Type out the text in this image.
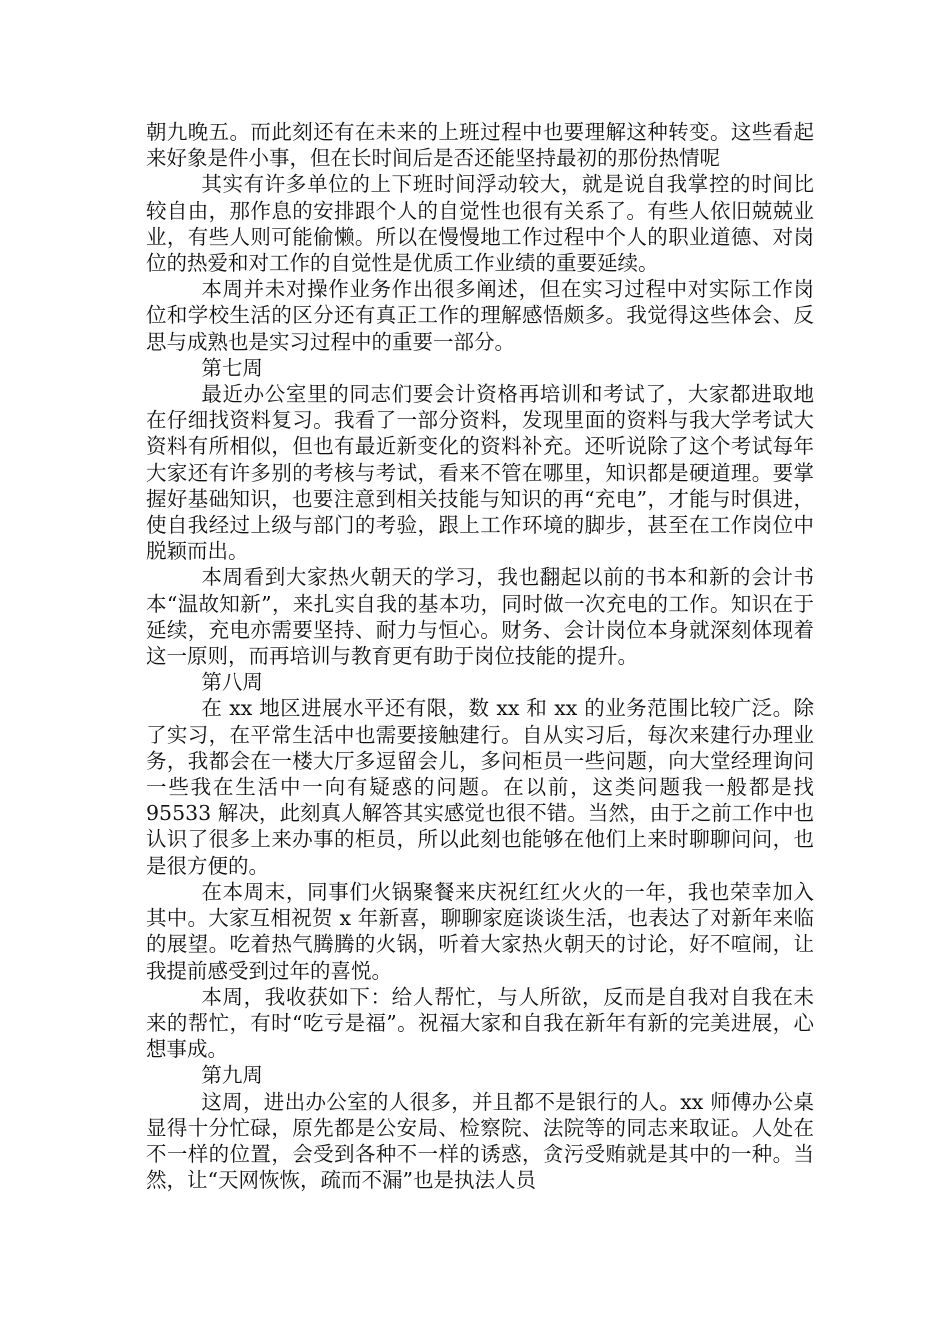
朝九晚五。而此刻还有在未来的上班过程中也要理解这种转变。这些看起来好象是件小事，但在长时间后是否还能坚持最初的那份热情呢

其实有许多单位的上下班时间浮动较大，就是说自我掌控的时间比较自由，那作息的安排跟个人的自觉性也很有关系了。有些人依旧兢兢业业，有些人则可能偷懒。所以在慢慢地工作过程中个人的职业道德、对岗位的热爱和对工作的自觉性是优质工作业绩的重要延续。

本周并未对操作业务作出很多阐述，但在实习过程中对实际工作岗位和学校生活的区分还有真正工作的理解感悟颇多。我觉得这些体会、反思与成熟也是实习过程中的重要一部分。

第七周

最近办公室里的同志们要会计资格再培训和考试了，大家都进取地在仔细找资料复习。我看了一部分资料，发现里面的资料与我大学考试大资料有所相似，但也有最近新变化的资料补充。还听说除了这个考试每年大家还有许多别的考核与考试，看来不管在哪里，知识都是硬道理。要掌握好基础知识，也要注意到相关技能与知识的再“充电”，才能与时俱进，使自我经过上级与部门的考验，跟上工作环境的脚步，甚至在工作岗位中脱颖而出。

本周看到大家热火朝天的学习，我也翻起以前的书本和新的会计书本“温故知新”，来扎实自我的基本功，同时做一次充电的工作。知识在于延续，充电亦需要坚持、耐力与恒心。财务、会计岗位本身就深刻体现着这一原则，而再培训与教育更有助于岗位技能的提升。

第八周

在 xx 地区进展水平还有限，数 xx 和 xx 的业务范围比较广泛。除了实习，在平常生活中也需要接触建行。自从实习后，每次来建行办理业务，我都会在一楼大厅多逗留会儿，多问柜员一些问题，向大堂经理询问一些我在生活中一向有疑惑的问题。在以前，这类问题我一般都是找 95533 解决，此刻真人解答其实感觉也很不错。当然，由于之前工作中也认识了很多上来办事的柜员，所以此刻也能够在他们上来时聊聊问问，也是很方便的。

在本周末，同事们火锅聚餐来庆祝红红火火的一年，我也荣幸加入其中。大家互相祝贺 x 年新喜，聊聊家庭谈谈生活，也表达了对新年来临的展望。吃着热气腾腾的火锅，听着大家热火朝天的讨论，好不喧闹，让我提前感受到过年的喜悦。

本周，我收获如下：给人帮忙，与人所欲，反而是自我对自我在未来的帮忙，有时“吃亏是福”。祝福大家和自我在新年有新的完美进展，心想事成。

第九周

这周，进出办公室的人很多，并且都不是银行的人。xx 师傅办公桌显得十分忙碌，原先都是公安局、检察院、法院等的同志来取证。人处在不一样的位置，会受到各种不一样的诱惑，贪污受贿就是其中的一种。当然，让“天网恢恢，疏而不漏”也是执法人员
